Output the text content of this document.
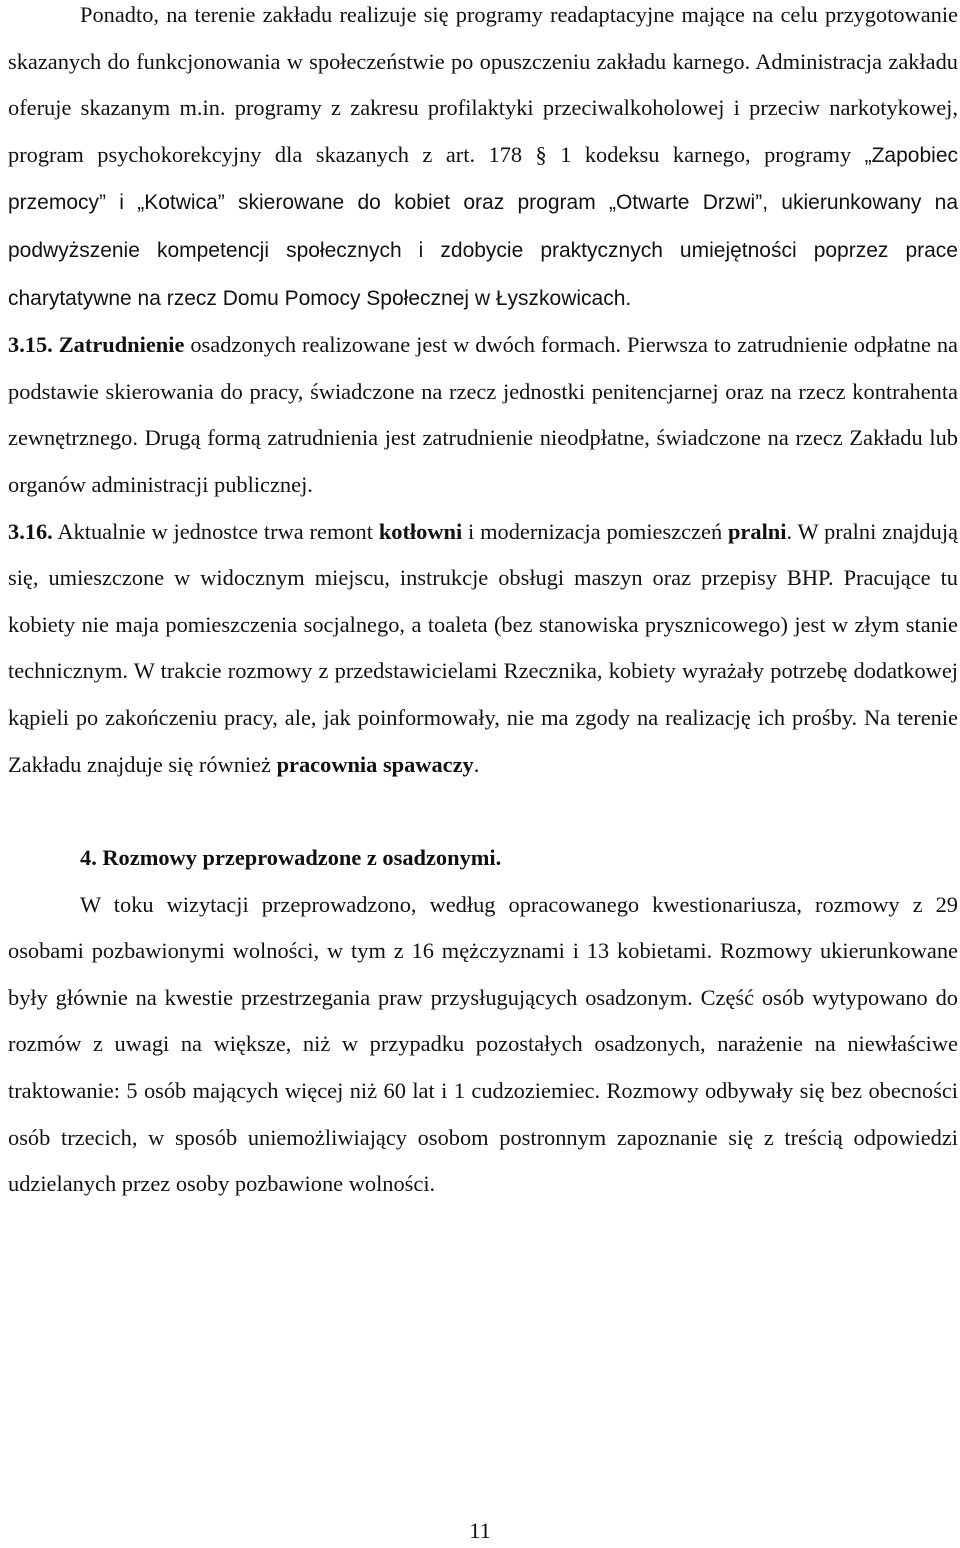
Ponadto, na terenie zakładu realizuje się programy readaptacyjne mające na celu przygotowanie skazanych do funkcjonowania w społeczeństwie po opuszczeniu zakładu karnego. Administracja zakładu oferuje skazanym m.in. programy z zakresu profilaktyki przeciwalkoholowej i przeciw narkotykowej, program psychokorekcyjny dla skazanych z art. 178 § 1 kodeksu karnego, programy „Zapobiec przemocy” i „Kotwica” skierowane do kobiet oraz program „Otwarte Drzwi”, ukierunkowany na podwyższenie kompetencji społecznych i zdobycie praktycznych umiejętności poprzez prace charytatywne na rzecz Domu Pomocy Społecznej w Łyszkowicach.

3.15. Zatrudnienie osadzonych realizowane jest w dwóch formach. Pierwsza to zatrudnienie odpłatne na podstawie skierowania do pracy, świadczone na rzecz jednostki penitencjarnej oraz na rzecz kontrahenta zewnętrznego. Drugą formą zatrudnienia jest zatrudnienie nieodpłatne, świadczone na rzecz Zakładu lub organów administracji publicznej.

3.16. Aktualnie w jednostce trwa remont kotłowni i modernizacja pomieszczeń pralni. W pralni znajdują się, umieszczone w widocznym miejscu, instrukcje obsługi maszyn oraz przepisy BHP. Pracujące tu kobiety nie maja pomieszczenia socjalnego, a toaleta (bez stanowiska prysznicowego) jest w złym stanie technicznym. W trakcie rozmowy z przedstawicielami Rzecznika, kobiety wyrażały potrzebę dodatkowej kąpieli po zakończeniu pracy, ale, jak poinformowały, nie ma zgody na realizację ich prośby. Na terenie Zakładu znajduje się również pracownia spawaczy.

4. Rozmowy przeprowadzone z osadzonymi.

W toku wizytacji przeprowadzono, według opracowanego kwestionariusza, rozmowy z 29 osobami pozbawionymi wolności, w tym z 16 mężczyznami i 13 kobietami. Rozmowy ukierunkowane były głównie na kwestie przestrzegania praw przysługujących osadzonym. Część osób wytypowano do rozmów z uwagi na większe, niż w przypadku pozostałych osadzonych, narażenie na niewłaściwe traktowanie: 5 osób mających więcej niż 60 lat i 1 cudzoziemiec. Rozmowy odbywały się bez obecności osób trzecich, w sposób uniemożliwiający osobom postronnym zapoznanie się z treścią odpowiedzi udzielanych przez osoby pozbawione wolności.

11
